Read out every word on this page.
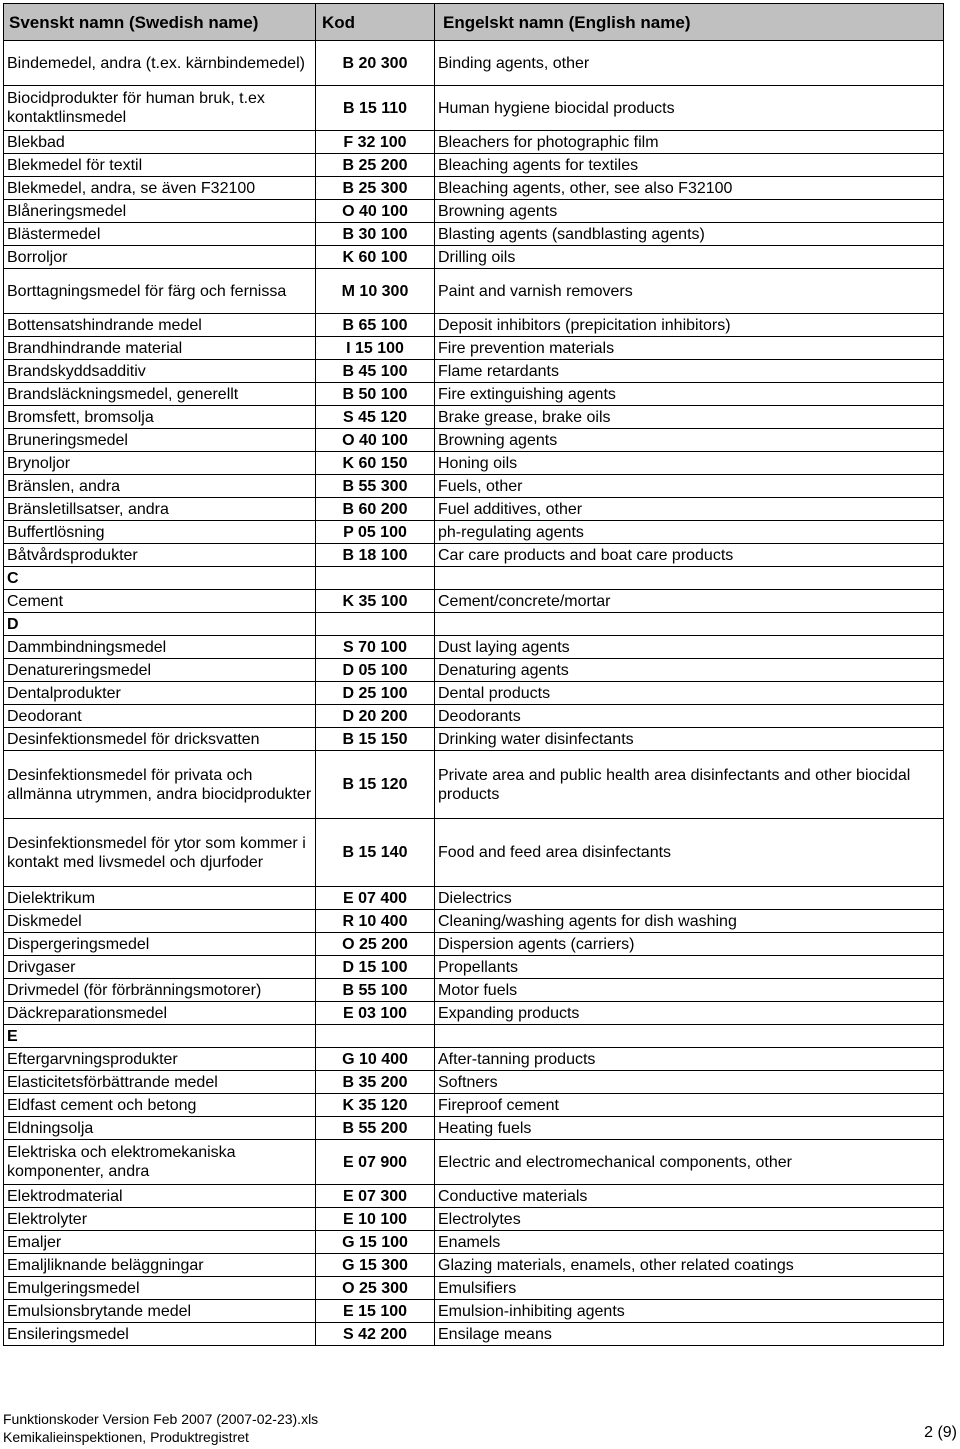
Svenskt namn (Swedish name)	Kod	Engelskt namn (English name)
Bindemedel, andra (t.ex. kärnbindemedel)	B 20 300	Binding agents, other
Biocidprodukter för human bruk, t.ex kontaktlinsmedel	B 15 110	Human hygiene biocidal products
Blekbad	F 32 100	Bleachers for photographic film
Blekmedel för textil	B 25 200	Bleaching agents for textiles
Blekmedel, andra, se även F32100	B 25 300	Bleaching agents, other, see also F32100
Blåneringsmedel	O 40 100	Browning agents
Blästermedel	B 30 100	Blasting agents (sandblasting agents)
Borroljor	K 60 100	Drilling oils
Borttagningsmedel för färg och fernissa	M 10 300	Paint and varnish removers
Bottensatshindrande medel	B 65 100	Deposit inhibitors (prepicitation inhibitors)
Brandhindrande material	I 15 100	Fire prevention materials
Brandskyddsadditiv	B 45 100	Flame retardants
Brandsläckningsmedel, generellt	B 50 100	Fire extinguishing agents
Bromsfett, bromsolja	S 45 120	Brake grease, brake oils
Bruneringsmedel	O 40 100	Browning agents
Brynoljor	K 60 150	Honing oils
Bränslen, andra	B 55 300	Fuels, other
Bränsletillsatser, andra	B 60 200	Fuel additives, other
Buffertlösning	P 05 100	ph-regulating agents
Båtvårdsprodukter	B 18 100	Car care products and boat care products
C		
Cement	K 35 100	Cement/concrete/mortar
D		
Dammbindningsmedel	S 70 100	Dust laying agents
Denatureringsmedel	D 05 100	Denaturing agents
Dentalprodukter	D 25 100	Dental products
Deodorant	D 20 200	Deodorants
Desinfektionsmedel för dricksvatten	B 15 150	Drinking water disinfectants
Desinfektionsmedel för privata och allmänna utrymmen, andra biocidprodukter	B 15 120	Private area and public health area disinfectants and other biocidal products
Desinfektionsmedel för ytor som kommer i kontakt med livsmedel och djurfoder	B 15 140	Food and feed area disinfectants
Dielektrikum	E 07 400	Dielectrics
Diskmedel	R 10 400	Cleaning/washing agents for dish washing
Dispergeringsmedel	O 25 200	Dispersion agents (carriers)
Drivgaser	D 15 100	Propellants
Drivmedel (för förbränningsmotorer)	B 55 100	Motor fuels
Däckreparationsmedel	E 03 100	Expanding products
E		
Eftergarvningsprodukter	G 10 400	After-tanning products
Elasticitetsförbättrande medel	B 35 200	Softners
Eldfast cement och betong	K 35 120	Fireproof cement
Eldningsolja	B 55 200	Heating fuels
Elektriska och elektromekaniska komponenter, andra	E 07 900	Electric and electromechanical components, other
Elektrodmaterial	E 07 300	Conductive materials
Elektrolyter	E 10 100	Electrolytes
Emaljer	G 15 100	Enamels
Emaljliknande beläggningar	G 15 300	Glazing materials, enamels, other related coatings
Emulgeringsmedel	O 25 300	Emulsifiers
Emulsionsbrytande medel	E 15 100	Emulsion-inhibiting agents
Ensileringsmedel	S 42 200	Ensilage means
Funktionskoder Version Feb 2007 (2007-02-23).xls
Kemikalieinspektionen, Produktregistret	2 (9)
